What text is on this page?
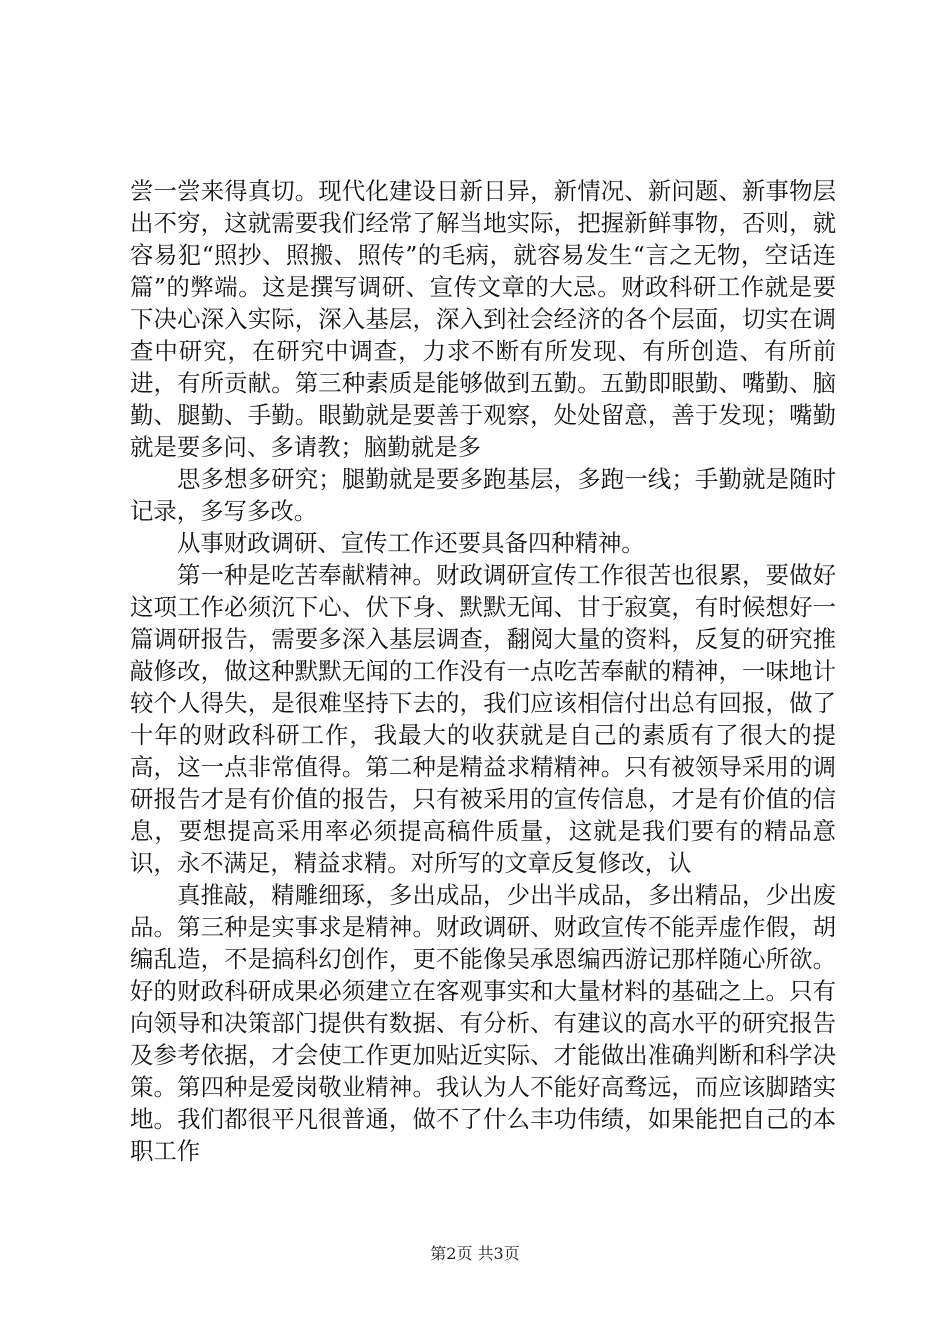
尝一尝来得真切。现代化建设日新日异，新情况、新问题、新事物层出不穷，这就需要我们经常了解当地实际，把握新鲜事物，否则，就容易犯“照抄、照搬、照传”的毛病，就容易发生“言之无物，空话连篇”的弊端。这是撰写调研、宣传文章的大忌。财政科研工作就是要下决心深入实际，深入基层，深入到社会经济的各个层面，切实在调查中研究，在研究中调查，力求不断有所发现、有所创造、有所前进，有所贡献。第三种素质是能够做到五勤。五勤即眼勤、嘴勤、脑勤、腿勤、手勤。眼勤就是要善于观察，处处留意，善于发现；嘴勤就是要多问、多请教；脑勤就是多

思多想多研究；腿勤就是要多跑基层，多跑一线；手勤就是随时记录，多写多改。

从事财政调研、宣传工作还要具备四种精神。

第一种是吃苦奉献精神。财政调研宣传工作很苦也很累，要做好这项工作必须沉下心、伏下身、默默无闻、甘于寂寞，有时候想好一篇调研报告，需要多深入基层调查，翻阅大量的资料，反复的研究推敲修改，做这种默默无闻的工作没有一点吃苦奉献的精神，一味地计较个人得失，是很难坚持下去的，我们应该相信付出总有回报，做了十年的财政科研工作，我最大的收获就是自己的素质有了很大的提高，这一点非常值得。第二种是精益求精精神。只有被领导采用的调研报告才是有价值的报告，只有被采用的宣传信息，才是有价值的信息，要想提高采用率必须提高稿件质量，这就是我们要有的精品意识，永不满足，精益求精。对所写的文章反复修改，认

真推敲，精雕细琢，多出成品，少出半成品，多出精品，少出废品。第三种是实事求是精神。财政调研、财政宣传不能弄虚作假，胡编乱造，不是搞科幻创作，更不能像吴承恩编西游记那样随心所欲。好的财政科研成果必须建立在客观事实和大量材料的基础之上。只有向领导和决策部门提供有数据、有分析、有建议的高水平的研究报告及参考依据，才会使工作更加贴近实际、才能做出准确判断和科学决策。第四种是爱岗敬业精神。我认为人不能好高骛远，而应该脚踏实地。我们都很平凡很普通，做不了什么丰功伟绩，如果能把自己的本职工作

第2页 共3页
